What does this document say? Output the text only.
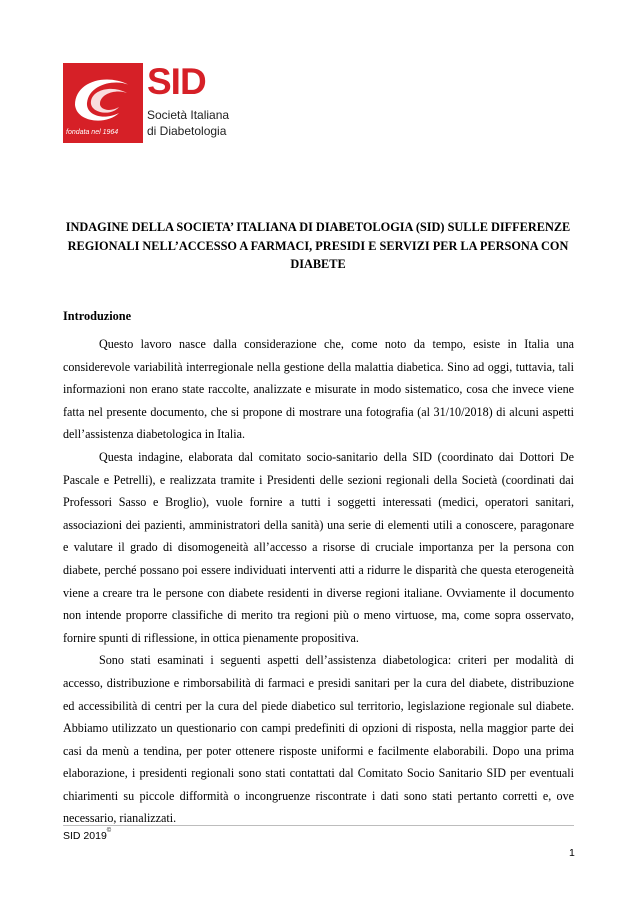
fondata nel 1964
SID
Società Italiana
di Diabetologia
INDAGINE DELLA SOCIETA’ ITALIANA DI DIABETOLOGIA (SID) SULLE DIFFERENZE REGIONALI NELL’ACCESSO A FARMACI, PRESIDI E SERVIZI PER LA PERSONA CON DIABETE
Introduzione

Questo lavoro nasce dalla considerazione che, come noto da tempo, esiste in Italia una considerevole variabilità interregionale nella gestione della malattia diabetica. Sino ad oggi, tuttavia, tali informazioni non erano state raccolte, analizzate e misurate in modo sistematico, cosa che invece viene fatta nel presente documento, che si propone di mostrare una fotografia (al 31/10/2018) di alcuni aspetti dell’assistenza diabetologica in Italia.

Questa indagine, elaborata dal comitato socio-sanitario della SID (coordinato dai Dottori De Pascale e Petrelli), e realizzata tramite i Presidenti delle sezioni regionali della Società (coordinati dai Professori Sasso e Broglio), vuole fornire a tutti i soggetti interessati (medici, operatori sanitari, associazioni dei pazienti, amministratori della sanità) una serie di elementi utili a conoscere, paragonare e valutare il grado di disomogeneità all’accesso a risorse di cruciale importanza per la persona con diabete, perché possano poi essere individuati interventi atti a ridurre le disparità che questa eterogeneità viene a creare tra le persone con diabete residenti in diverse regioni italiane. Ovviamente il documento non intende proporre classifiche di merito tra regioni più o meno virtuose, ma, come sopra osservato, fornire spunti di riflessione, in ottica pienamente propositiva.

Sono stati esaminati i seguenti aspetti dell’assistenza diabetologica: criteri per modalità di accesso, distribuzione e rimborsabilità di farmaci e presidi sanitari per la cura del diabete, distribuzione ed accessibilità di centri per la cura del piede diabetico sul territorio, legislazione regionale sul diabete. Abbiamo utilizzato un questionario con campi predefiniti di opzioni di risposta, nella maggior parte dei casi da menù a tendina, per poter ottenere risposte uniformi e facilmente elaborabili. Dopo una prima elaborazione, i presidenti regionali sono stati contattati dal Comitato Socio Sanitario SID per eventuali chiarimenti su piccole difformità o incongruenze riscontrate i dati sono stati pertanto corretti e, ove necessario, rianalizzati.

SID 2019©
1
